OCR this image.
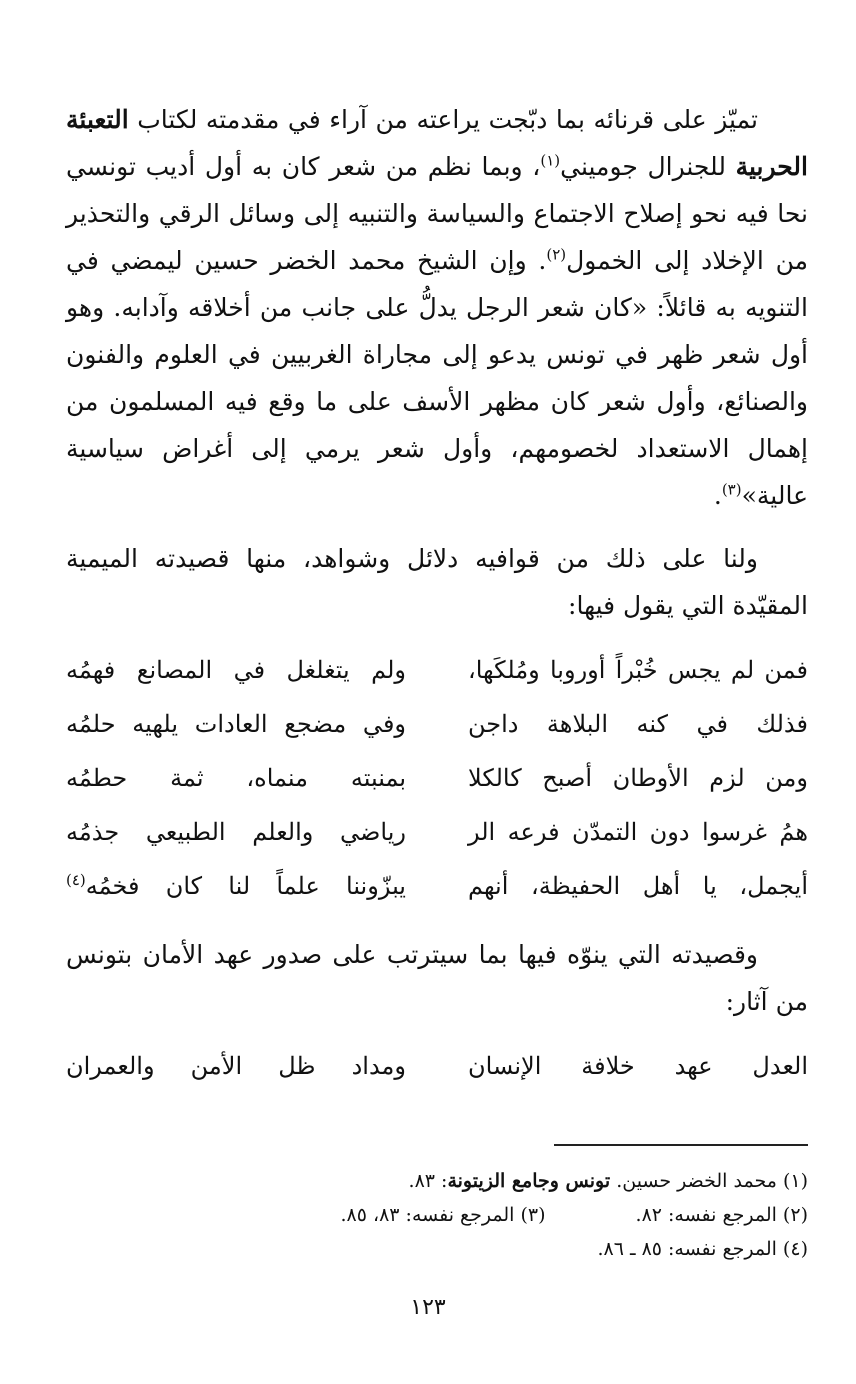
تميّز على قرنائه بما دبّجت يراعته من آراء في مقدمته لكتاب التعبئة الحربية للجنرال جوميني$^{(١)}$، وبما نظم من شعر كان به أول أديب تونسي نحا فيه نحو إصلاح الاجتماع والسياسة والتنبيه إلى وسائل الرقي والتحذير من الإخلاد إلى الخمول$^{(٢)}$. وإن الشيخ محمد الخضر حسين ليمضي في التنويه به قائلاً: «كان شعر الرجل يدلُّ على جانب من أخلاقه وآدابه. وهو أول شعر ظهر في تونس يدعو إلى مجاراة الغربيين في العلوم والفنون والصنائع، وأول شعر كان مظهر الأسف على ما وقع فيه المسلمون من إهمال الاستعداد لخصومهم، وأول شعر يرمي إلى أغراض سياسية عالية»$^{(٣)}$.
ولنا على ذلك من قوافيه دلائل وشواهد، منها قصيدته الميمية المقيّدة التي يقول فيها:
فمن لم يجس خُبْراً أوروبا ومُلكَها،
ولم يتغلغل في المصانع فهمُه
فذلك في كنه البلاهة داجن
وفي مضجع العادات يلهيه حلمُه
ومن لزم الأوطان أصبح كالكلا
بمنبته منماه، ثمة حطمُه
همُ غرسوا دون التمدّن فرعه الر
رياضي والعلم الطبيعي جذمُه
أيجمل، يا أهل الحفيظة، أنهم
يبزّوننا علماً لنا كان فخمُه$^{(٤)}$
وقصيدته التي ينوّه فيها بما سيترتب على صدور عهد الأمان بتونس من آثار:
العدل عهد خلافة الإنسان
ومداد ظل الأمن والعمران
(١) محمد الخضر حسين. تونس وجامع الزيتونة: ٨٣.
(٢) المرجع نفسه: ٨٢.
(٣) المرجع نفسه: ٨٣، ٨٥.
(٤) المرجع نفسه: ٨٥ ـ ٨٦.
١٢٣
